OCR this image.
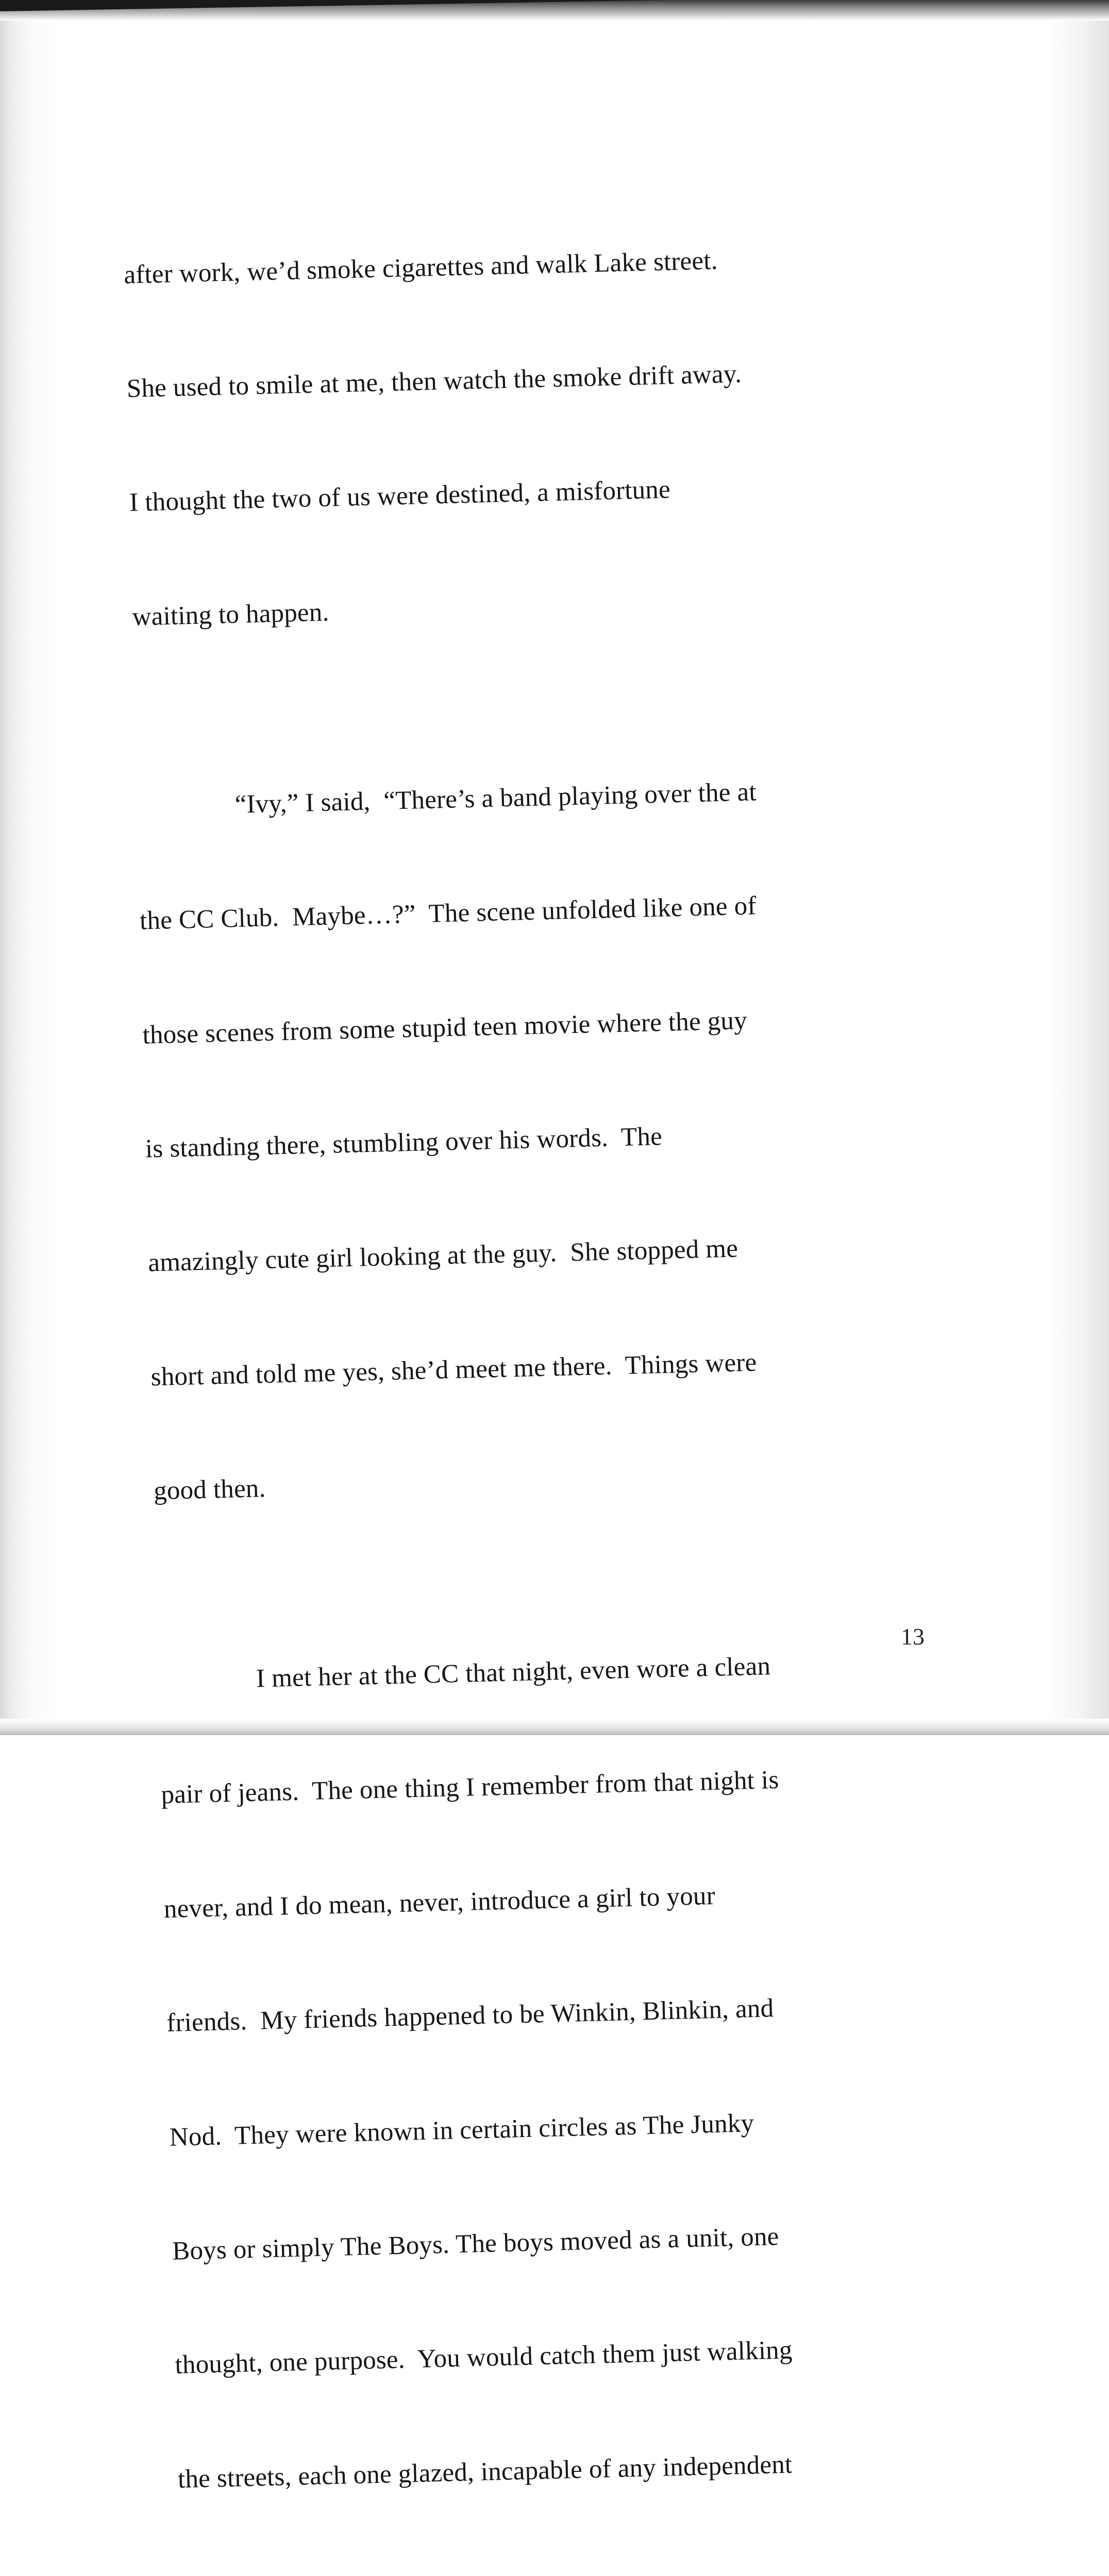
after work, we’d smoke cigarettes and walk Lake street.

She used to smile at me, then watch the smoke drift away.

I thought the two of us were destined, a misfortune

waiting to happen.

“Ivy,” I said,  “There’s a band playing over the at

the CC Club.  Maybe…?”  The scene unfolded like one of

those scenes from some stupid teen movie where the guy

is standing there, stumbling over his words.  The

amazingly cute girl looking at the guy.  She stopped me

short and told me yes, she’d meet me there.  Things were

good then.

I met her at the CC that night, even wore a clean

pair of jeans.  The one thing I remember from that night is

never, and I do mean, never, introduce a girl to your

friends.  My friends happened to be Winkin, Blinkin, and

Nod.  They were known in certain circles as The Junky

Boys or simply The Boys. The boys moved as a unit, one

thought, one purpose.  You would catch them just walking

the streets, each one glazed, incapable of any independent

13
